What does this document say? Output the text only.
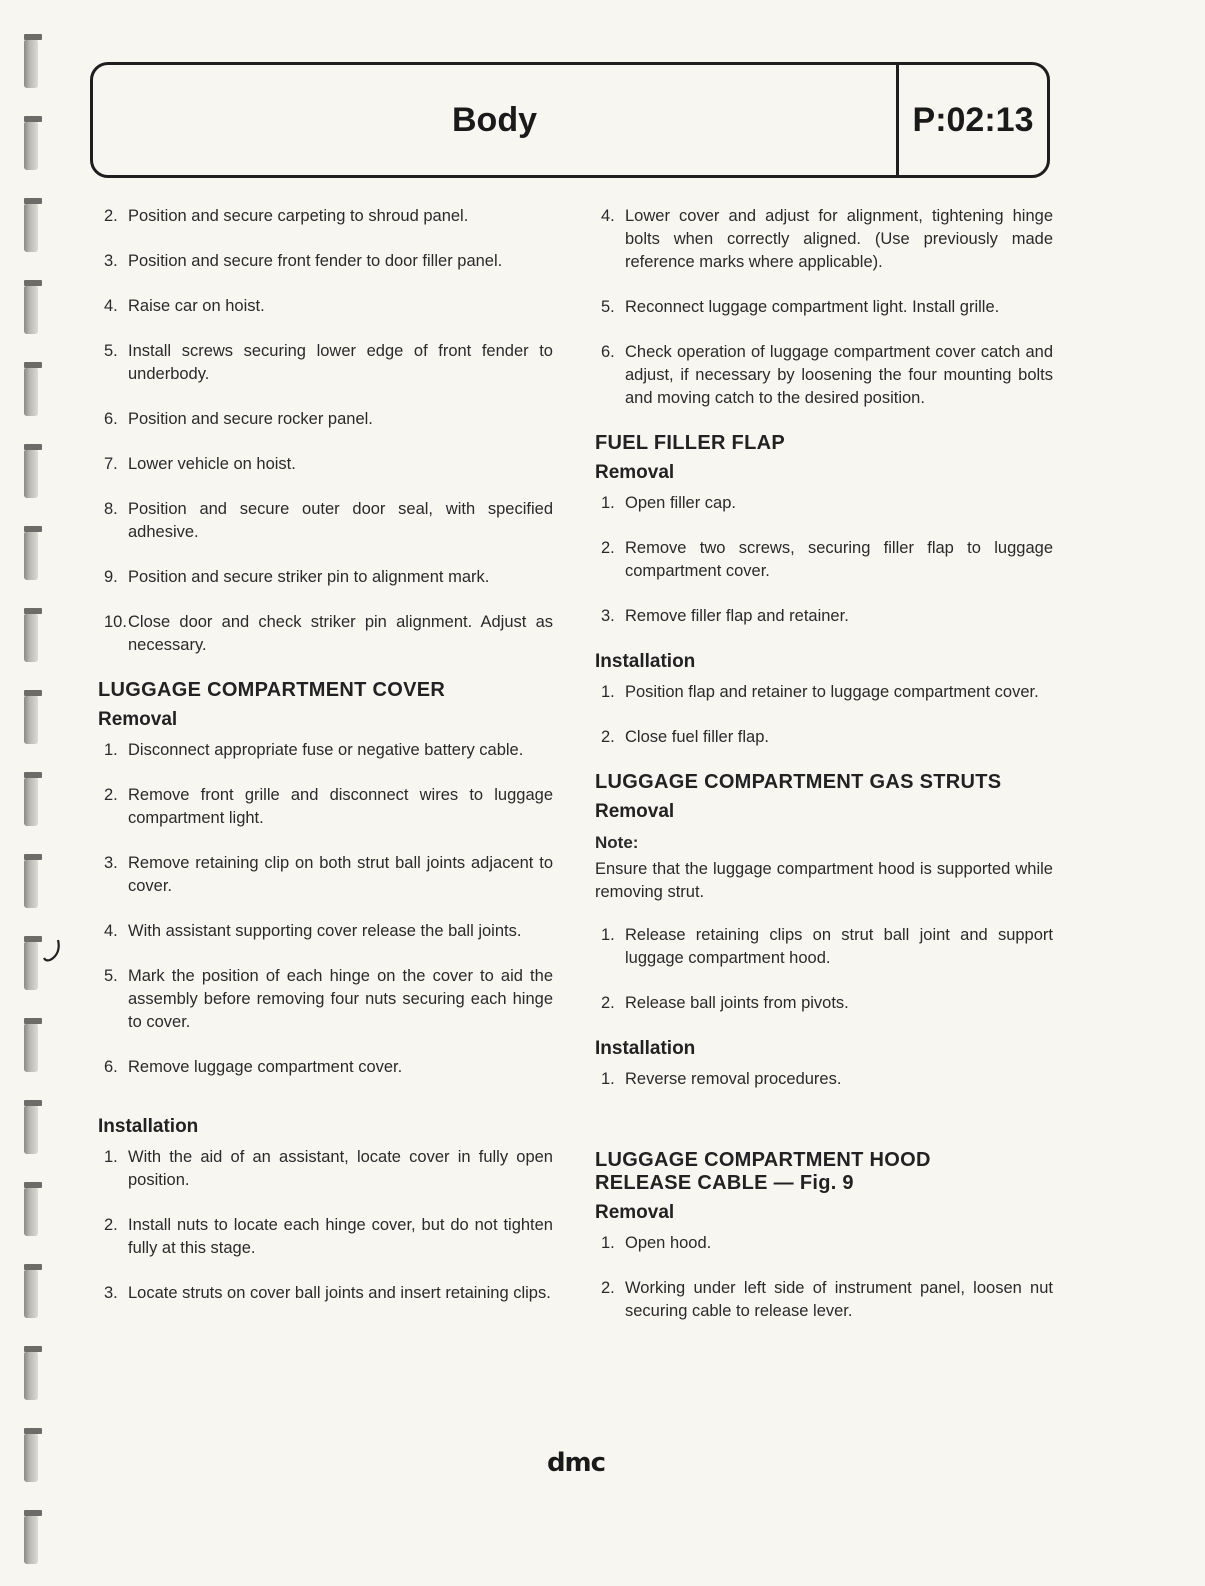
Body	P:02:13
2. Position and secure carpeting to shroud panel.
3. Position and secure front fender to door filler panel.
4. Raise car on hoist.
5. Install screws securing lower edge of front fender to underbody.
6. Position and secure rocker panel.
7. Lower vehicle on hoist.
8. Position and secure outer door seal, with specified adhesive.
9. Position and secure striker pin to alignment mark.
10. Close door and check striker pin alignment. Adjust as necessary.
LUGGAGE COMPARTMENT COVER
Removal
1. Disconnect appropriate fuse or negative battery cable.
2. Remove front grille and disconnect wires to luggage compartment light.
3. Remove retaining clip on both strut ball joints adjacent to cover.
4. With assistant supporting cover release the ball joints.
5. Mark the position of each hinge on the cover to aid the assembly before removing four nuts securing each hinge to cover.
6. Remove luggage compartment cover.
Installation
1. With the aid of an assistant, locate cover in fully open position.
2. Install nuts to locate each hinge cover, but do not tighten fully at this stage.
3. Locate struts on cover ball joints and insert retaining clips.
4. Lower cover and adjust for alignment, tightening hinge bolts when correctly aligned. (Use previously made reference marks where applicable).
5. Reconnect luggage compartment light. Install grille.
6. Check operation of luggage compartment cover catch and adjust, if necessary by loosening the four mounting bolts and moving catch to the desired position.
FUEL FILLER FLAP
Removal
1. Open filler cap.
2. Remove two screws, securing filler flap to luggage compartment cover.
3. Remove filler flap and retainer.
Installation
1. Position flap and retainer to luggage compartment cover.
2. Close fuel filler flap.
LUGGAGE COMPARTMENT GAS STRUTS
Removal
Note:
Ensure that the luggage compartment hood is supported while removing strut.
1. Release retaining clips on strut ball joint and support luggage compartment hood.
2. Release ball joints from pivots.
Installation
1. Reverse removal procedures.
LUGGAGE COMPARTMENT HOOD
RELEASE CABLE — Fig. 9
Removal
1. Open hood.
2. Working under left side of instrument panel, loosen nut securing cable to release lever.
dmc
